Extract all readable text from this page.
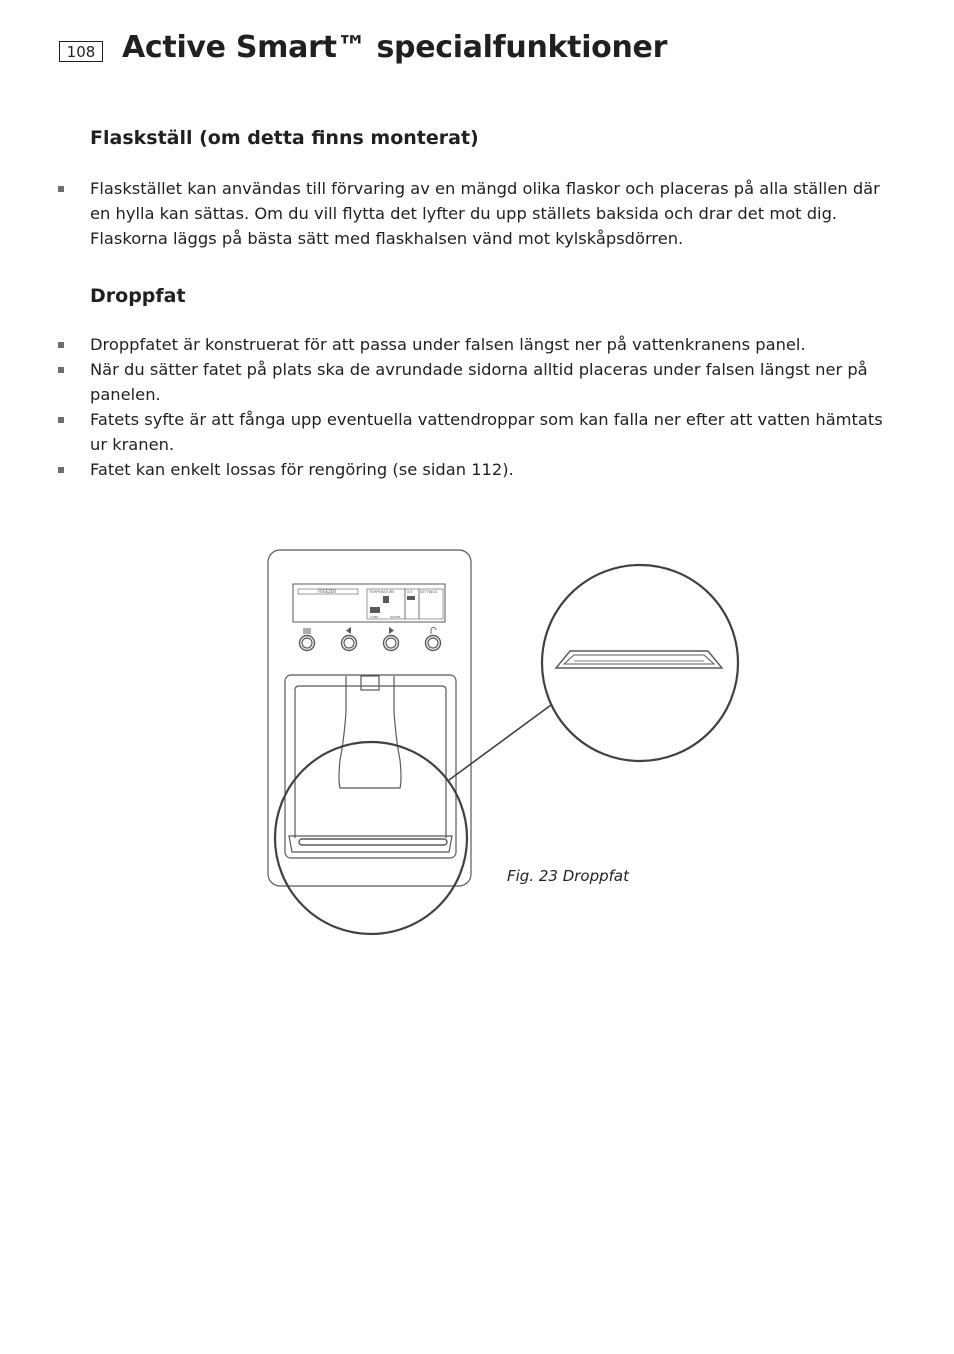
108 Active Smart™ specialfunktioner
Flaskställ (om detta finns monterat)
Flaskstället kan användas till förvaring av en mängd olika flaskor och placeras på alla ställen där en hylla kan sättas. Om du vill flytta det lyfter du upp ställets baksida och drar det mot dig. Flaskorna läggs på bästa sätt med flaskhalsen vänd mot kylskåpsdörren.
Droppfat
Droppfatet är konstruerat för att passa under falsen längst ner på vattenkranens panel.
När du sätter fatet på plats ska de avrundade sidorna alltid placeras under falsen längst ner på panelen.
Fatets syfte är att fånga upp eventuella vattendroppar som kan falla ner efter att vatten hämtats ur kranen.
Fatet kan enkelt lossas för rengöring (se sidan 112).
FREEZER	TEMPERATURE
CUBE	WATER
ICE SETTINGS
Fig. 23 Droppfat
